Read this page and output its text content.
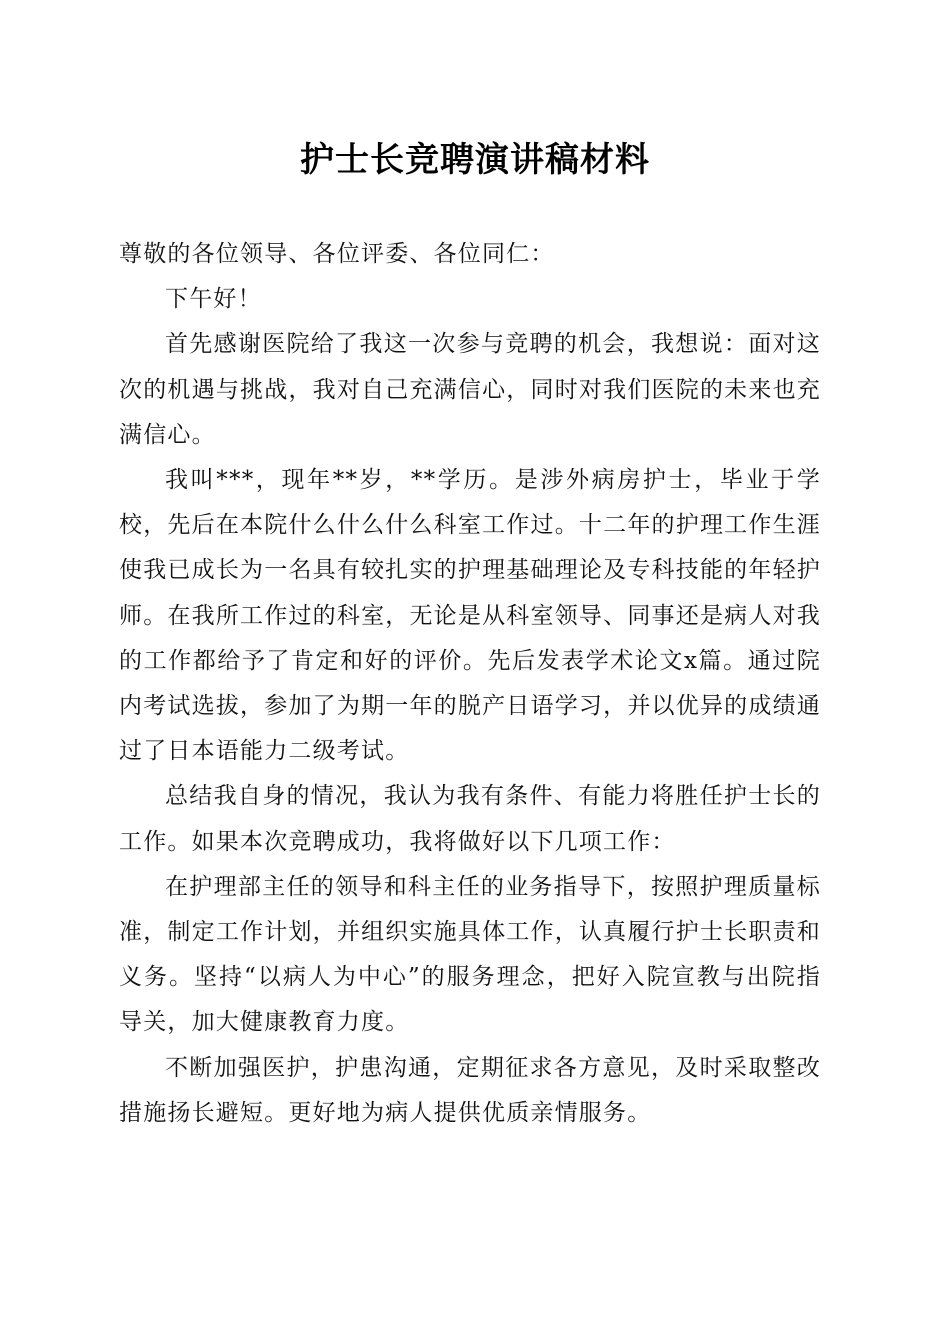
护士长竞聘演讲稿材料

尊敬的各位领导、各位评委、各位同仁：

下午好！

首先感谢医院给了我这一次参与竞聘的机会，我想说：面对这次的机遇与挑战，我对自己充满信心，同时对我们医院的未来也充满信心。

我叫***，现年**岁，**学历。是涉外病房护士，毕业于学校，先后在本院什么什么什么科室工作过。十二年的护理工作生涯使我已成长为一名具有较扎实的护理基础理论及专科技能的年轻护师。在我所工作过的科室，无论是从科室领导、同事还是病人对我的工作都给予了肯定和好的评价。先后发表学术论文x篇。通过院内考试选拔，参加了为期一年的脱产日语学习，并以优异的成绩通过了日本语能力二级考试。

总结我自身的情况，我认为我有条件、有能力将胜任护士长的工作。如果本次竞聘成功，我将做好以下几项工作：

在护理部主任的领导和科主任的业务指导下，按照护理质量标准，制定工作计划，并组织实施具体工作，认真履行护士长职责和义务。坚持“以病人为中心”的服务理念，把好入院宣教与出院指导关，加大健康教育力度。

不断加强医护，护患沟通，定期征求各方意见，及时采取整改措施扬长避短。更好地为病人提供优质亲情服务。
